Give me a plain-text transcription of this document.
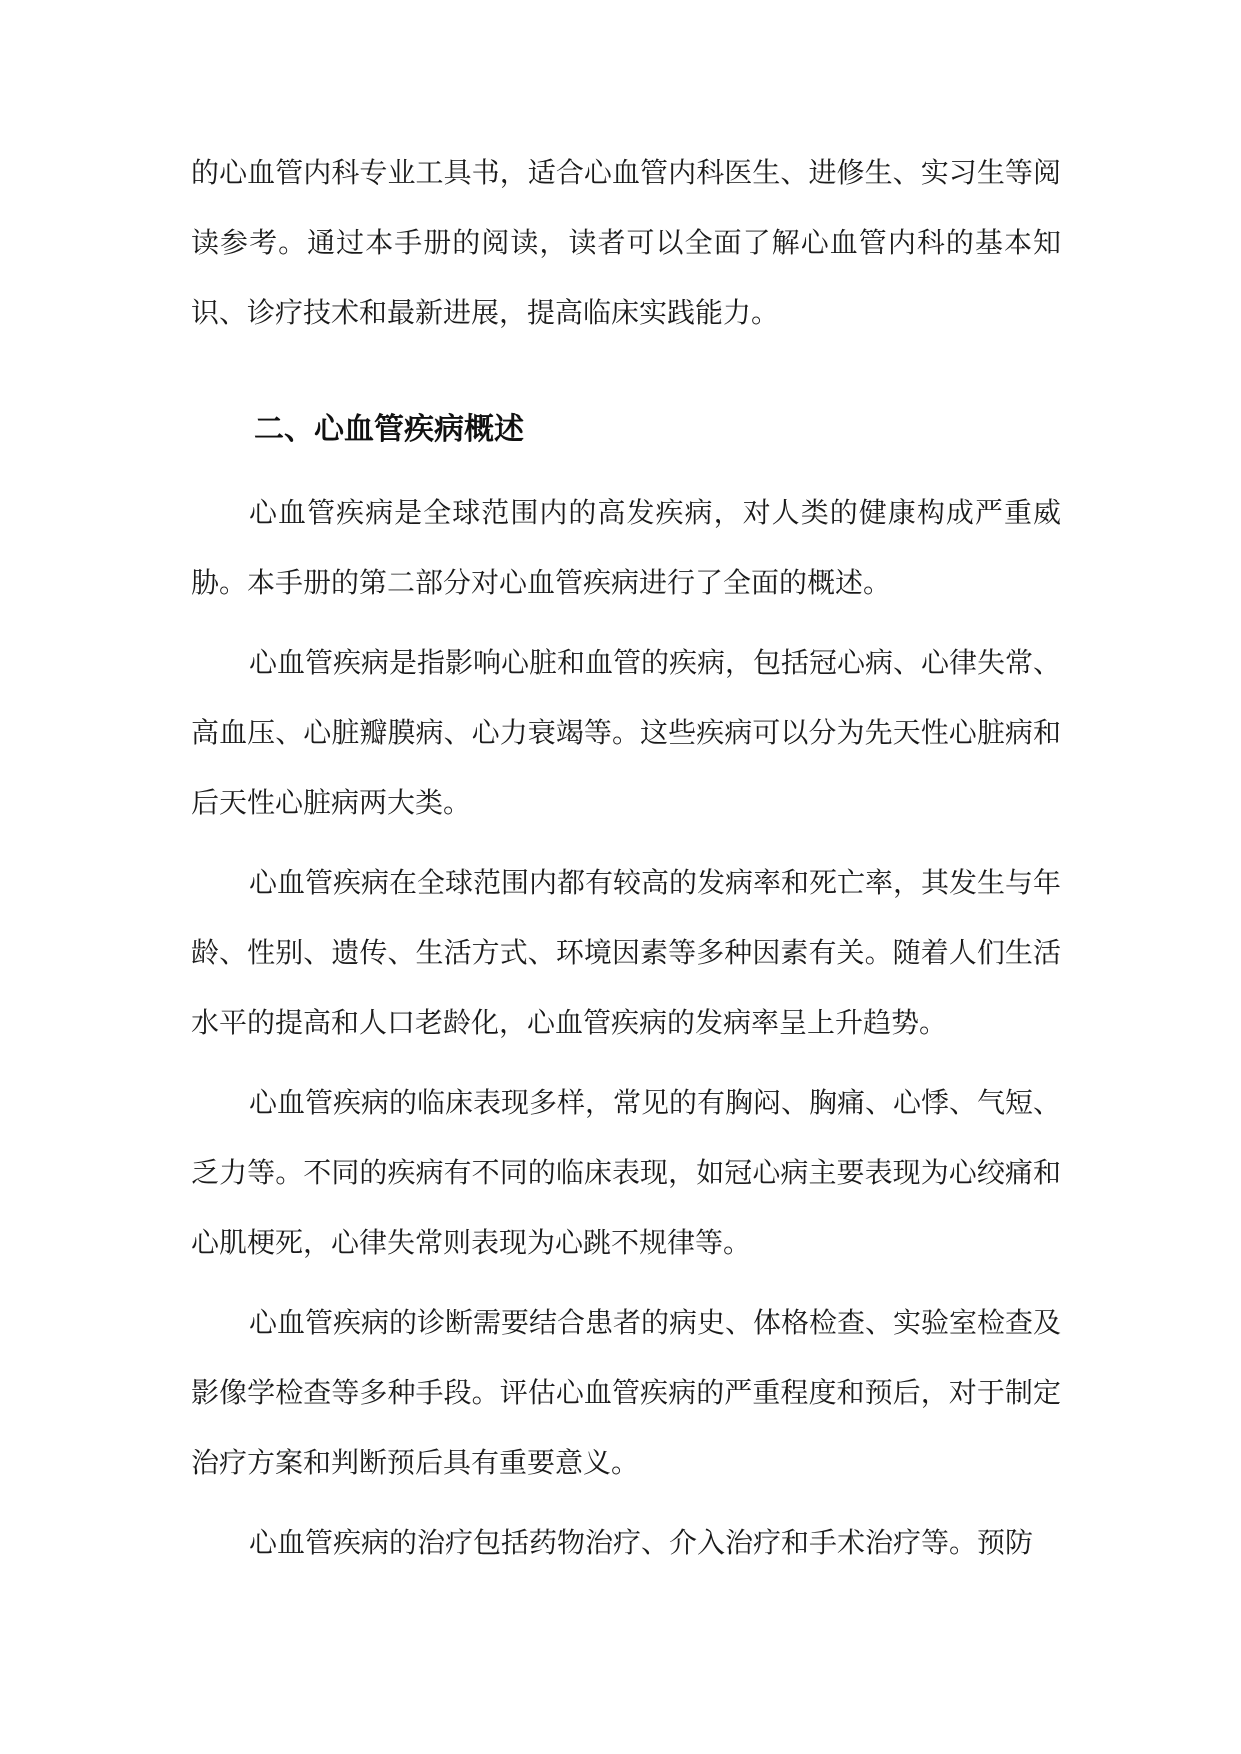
的心血管内科专业工具书，适合心血管内科医生、进修生、实习生等阅读参考。通过本手册的阅读，读者可以全面了解心血管内科的基本知识、诊疗技术和最新进展，提高临床实践能力。

二、心血管疾病概述

心血管疾病是全球范围内的高发疾病，对人类的健康构成严重威胁。本手册的第二部分对心血管疾病进行了全面的概述。

心血管疾病是指影响心脏和血管的疾病，包括冠心病、心律失常、高血压、心脏瓣膜病、心力衰竭等。这些疾病可以分为先天性心脏病和后天性心脏病两大类。

心血管疾病在全球范围内都有较高的发病率和死亡率，其发生与年龄、性别、遗传、生活方式、环境因素等多种因素有关。随着人们生活水平的提高和人口老龄化，心血管疾病的发病率呈上升趋势。

心血管疾病的临床表现多样，常见的有胸闷、胸痛、心悸、气短、乏力等。不同的疾病有不同的临床表现，如冠心病主要表现为心绞痛和心肌梗死，心律失常则表现为心跳不规律等。

心血管疾病的诊断需要结合患者的病史、体格检查、实验室检查及影像学检查等多种手段。评估心血管疾病的严重程度和预后，对于制定治疗方案和判断预后具有重要意义。

心血管疾病的治疗包括药物治疗、介入治疗和手术治疗等。预防
